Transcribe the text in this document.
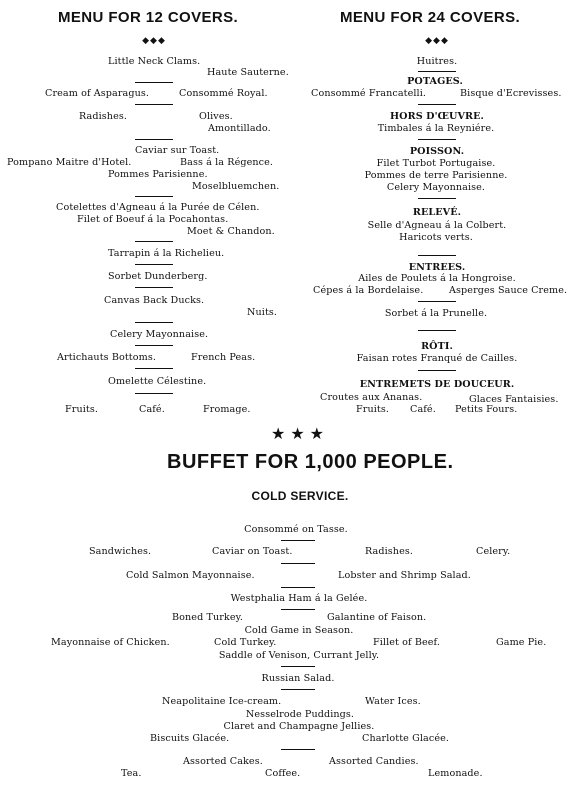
MENU FOR 12 COVERS.
◆◆◆
Little Neck Clams.
Haute Sauterne.
Cream of Asparagus.	Consommé Royal.
Radishes.	Olives.
Amontillado.
Caviar sur Toast.
Pompano Maitre d'Hotel.	Bass á la Régence.
Pommes Parisienne.
Moselbluemchen.
Cotelettes d'Agneau á la Purée de Célen.
Filet of Boeuf á la Pocahontas.
Moet & Chandon.
Tarrapin á la Richelieu.
Sorbet Dunderberg.
Canvas Back Ducks.
Nuits.
Celery Mayonnaise.
Artichauts Bottoms.	French Peas.
Omelette Célestine.
Fruits.	Café.	Fromage.
MENU FOR 24 COVERS.
◆◆◆
Huitres.
POTAGES.
Consommé Francatelli.	Bisque d'Ecrevisses.
HORS D'ŒUVRE.
Timbales á la Reyniére.
POISSON.
Filet Turbot Portugaise.
Pommes de terre Parisienne.
Celery Mayonnaise.
RELEVÉ.
Selle d'Agneau á la Colbert.
Haricots verts.
ENTREES.
Ailes de Poulets á la Hongroise.
Cépes á la Bordelaise.	Asperges Sauce Creme.
Sorbet á la Prunelle.
RÔTI.
Faisan rotes Franqué de Cailles.
ENTREMETS DE DOUCEUR.
Croutes aux Ananas.	Glaces Fantaisies.
Fruits. Café. Petits Fours.
★★★
BUFFET FOR 1,000 PEOPLE.
COLD SERVICE.
Consommé on Tasse.
Sandwiches.	Caviar on Toast.	Radishes.	Celery.
Cold Salmon Mayonnaise.	Lobster and Shrimp Salad.
Westphalia Ham á la Gelée.
Boned Turkey.	Galantine of Faison.
Cold Game in Season.
Mayonnaise of Chicken.	Cold Turkey.	Fillet of Beef.	Game Pie.
Saddle of Venison, Currant Jelly.
Russian Salad.
Neapolitaine Ice-cream.	Water Ices.
Nesselrode Puddings.
Claret and Champagne Jellies.
Biscuits Glacée.	Charlotte Glacée.
Assorted Cakes.	Assorted Candies.
Tea.	Coffee.	Lemonade.
